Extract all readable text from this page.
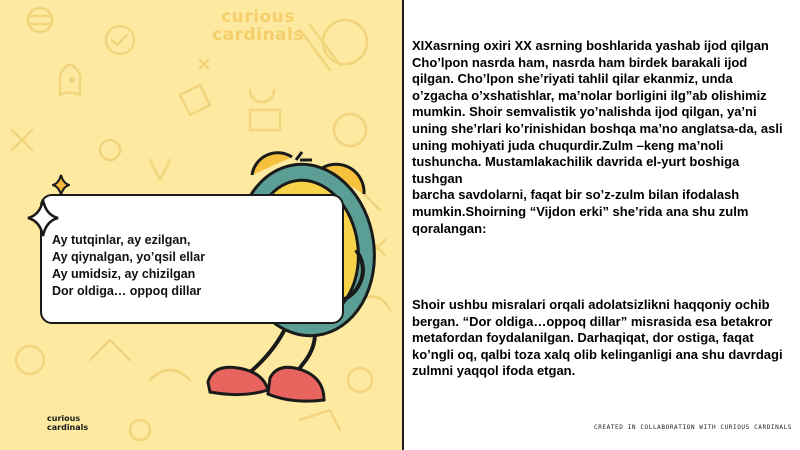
curious cardinals
Ay tutqinlar, ay ezilgan,
Ay qiynalgan, yo’qsil ellar
Ay umidsiz, ay chizilgan
Dor oldiga… oppoq dillar
curious cardinals
XIXasrning oxiri XX asrning boshlarida yashab ijod qilgan Cho’lpon nasrda ham, nasrda ham birdek barakali ijod qilgan. Cho’lpon she’riyati tahlil qilar ekanmiz, unda o’zgacha o’xshatishlar, ma’nolar borligini ilg”ab olishimiz mumkin. Shoir semvalistik yo’nalishda ijod qilgan, ya’ni uning she’rlari ko’rinishidan boshqa ma’no anglatsa-da, asli uning mohiyati juda chuqurdir.Zulm –keng ma’noli tushuncha. Mustamlakachilik davrida el-yurt boshiga tushgan
barcha savdolarni, faqat bir so’z-zulm bilan ifodalash mumkin.Shoirning “Vijdon erki” she’rida ana shu zulm qoralangan:
Shoir ushbu misralari orqali adolatsizlikni haqqoniy ochib bergan. “Dor oldiga…oppoq dillar” misrasida esa betakror metafordan foydalanilgan. Darhaqiqat, dor ostiga, faqat ko’ngli oq, qalbi toza xalq olib kelinganligi ana shu davrdagi zulmni yaqqol ifoda etgan.
CREATED IN COLLABORATION WITH CURIOUS CARDINALS
